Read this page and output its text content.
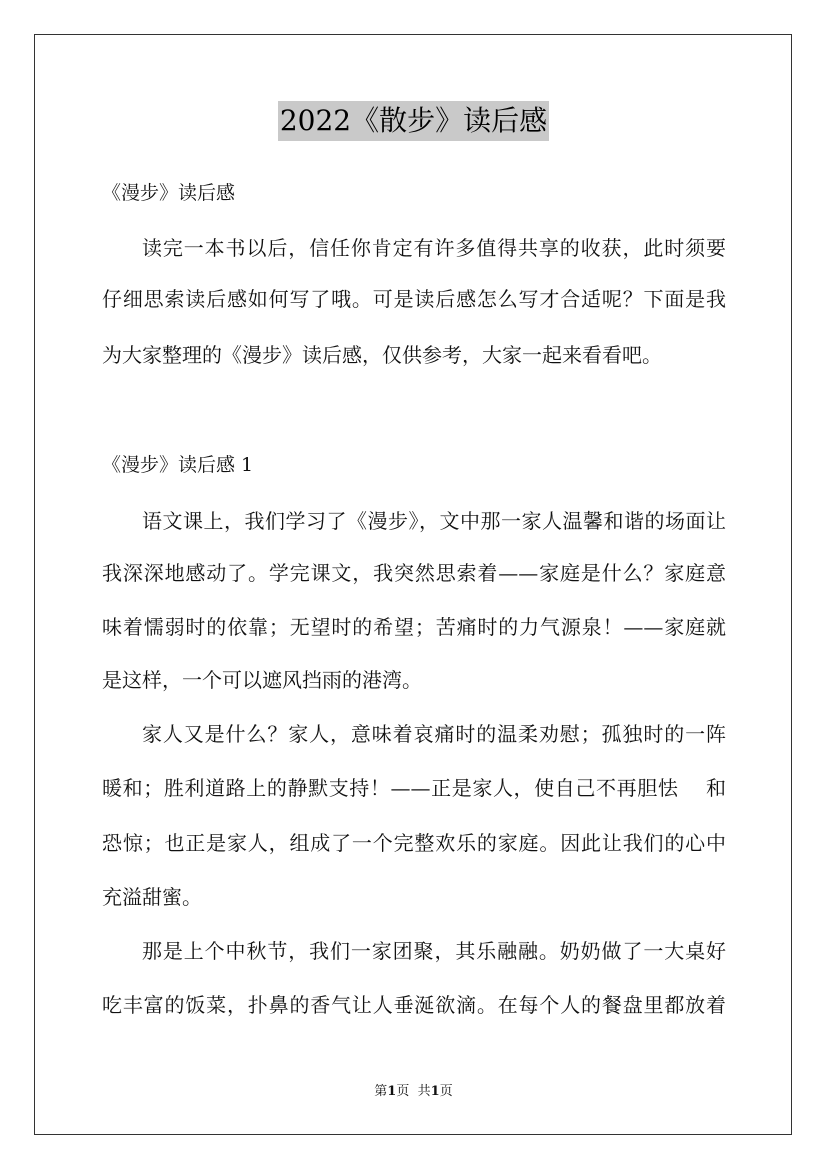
2022《散步》读后感
《漫步》读后感
读完一本书以后，信任你肯定有许多值得共享的收获，此时须要
仔细思索读后感如何写了哦。可是读后感怎么写才合适呢？下面是我
为大家整理的《漫步》读后感，仅供参考，大家一起来看看吧。
《漫步》读后感 1
语文课上，我们学习了《漫步》，文中那一家人温馨和谐的场面让
我深深地感动了。学完课文，我突然思索着——家庭是什么？家庭意
味着懦弱时的依靠；无望时的希望；苦痛时的力气源泉！——家庭就
是这样，一个可以遮风挡雨的港湾。
家人又是什么？家人，意味着哀痛时的温柔劝慰；孤独时的一阵
暖和；胜利道路上的静默支持！——正是家人，使自己不再胆怯　 和
恐惊；也正是家人，组成了一个完整欢乐的家庭。因此让我们的心中
充溢甜蜜。
那是上个中秋节，我们一家团聚，其乐融融。奶奶做了一大桌好
吃丰富的饭菜，扑鼻的香气让人垂涎欲滴。在每个人的餐盘里都放着
第1页 共1页
